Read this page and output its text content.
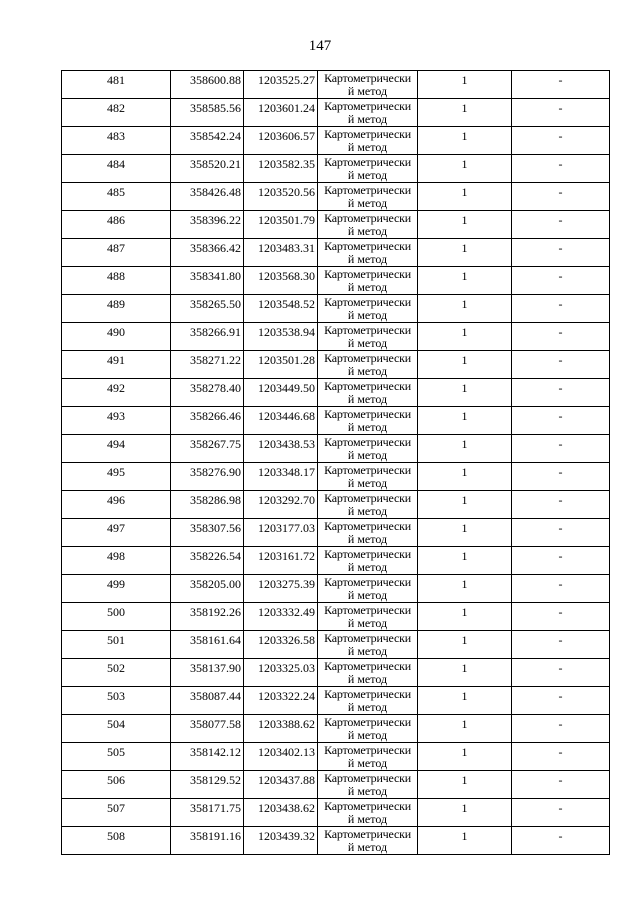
147
481	358600.88	1203525.27	Картометрически
й метод	1	-

482	358585.56	1203601.24	Картометрически
й метод	1	-

483	358542.24	1203606.57	Картометрически
й метод	1	-

484	358520.21	1203582.35	Картометрически
й метод	1	-

485	358426.48	1203520.56	Картометрически
й метод	1	-

486	358396.22	1203501.79	Картометрически
й метод	1	-

487	358366.42	1203483.31	Картометрически
й метод	1	-

488	358341.80	1203568.30	Картометрически
й метод	1	-

489	358265.50	1203548.52	Картометрически
й метод	1	-

490	358266.91	1203538.94	Картометрически
й метод	1	-

491	358271.22	1203501.28	Картометрически
й метод	1	-

492	358278.40	1203449.50	Картометрически
й метод	1	-

493	358266.46	1203446.68	Картометрически
й метод	1	-

494	358267.75	1203438.53	Картометрически
й метод	1	-

495	358276.90	1203348.17	Картометрически
й метод	1	-

496	358286.98	1203292.70	Картометрически
й метод	1	-

497	358307.56	1203177.03	Картометрически
й метод	1	-

498	358226.54	1203161.72	Картометрически
й метод	1	-

499	358205.00	1203275.39	Картометрически
й метод	1	-

500	358192.26	1203332.49	Картометрически
й метод	1	-

501	358161.64	1203326.58	Картометрически
й метод	1	-

502	358137.90	1203325.03	Картометрически
й метод	1	-

503	358087.44	1203322.24	Картометрически
й метод	1	-

504	358077.58	1203388.62	Картометрически
й метод	1	-

505	358142.12	1203402.13	Картометрически
й метод	1	-

506	358129.52	1203437.88	Картометрически
й метод	1	-

507	358171.75	1203438.62	Картометрически
й метод	1	-

508	358191.16	1203439.32	Картометрически
й метод	1	-
